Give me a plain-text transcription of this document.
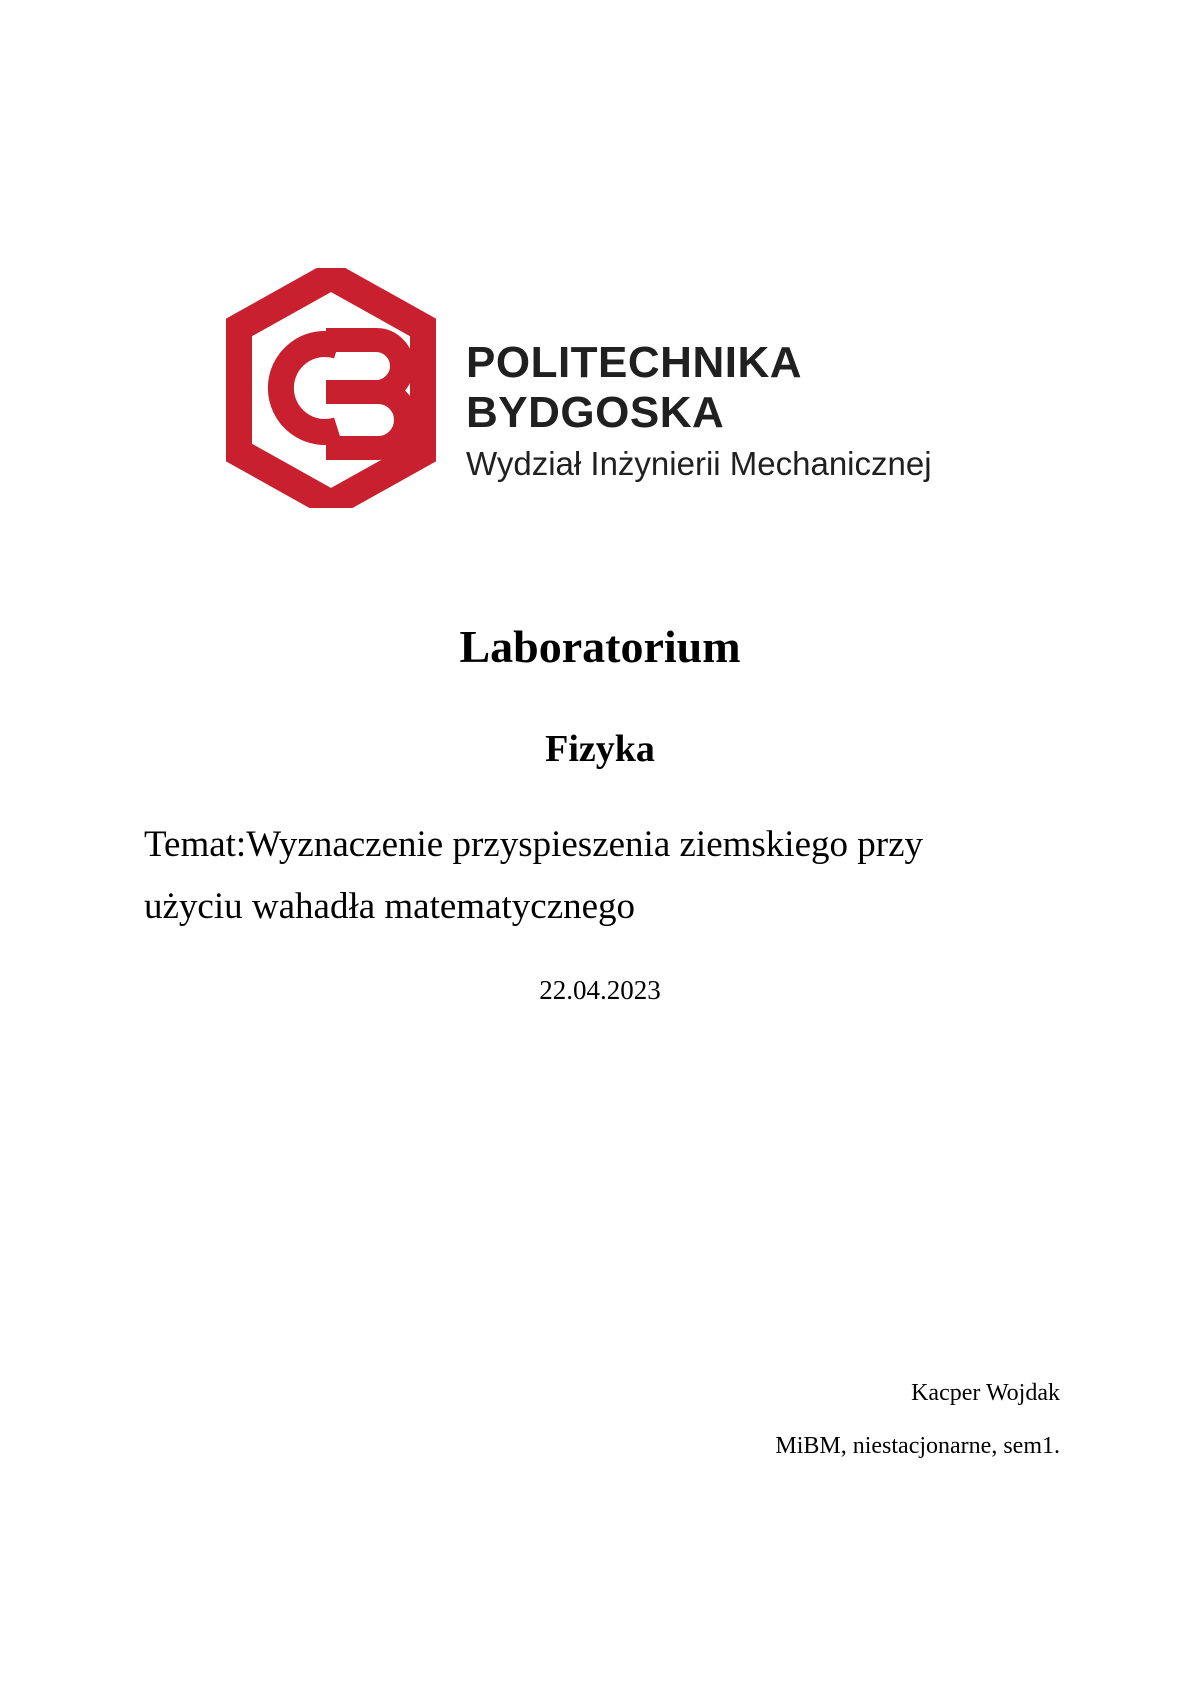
POLITECHNIKA
BYDGOSKA
Wydział Inżynierii Mechanicznej
Laboratorium
Fizyka
Temat:Wyznaczenie przyspieszenia ziemskiego przy
użyciu wahadła matematycznego
22.04.2023
Kacper Wojdak
MiBM, niestacjonarne, sem1.
